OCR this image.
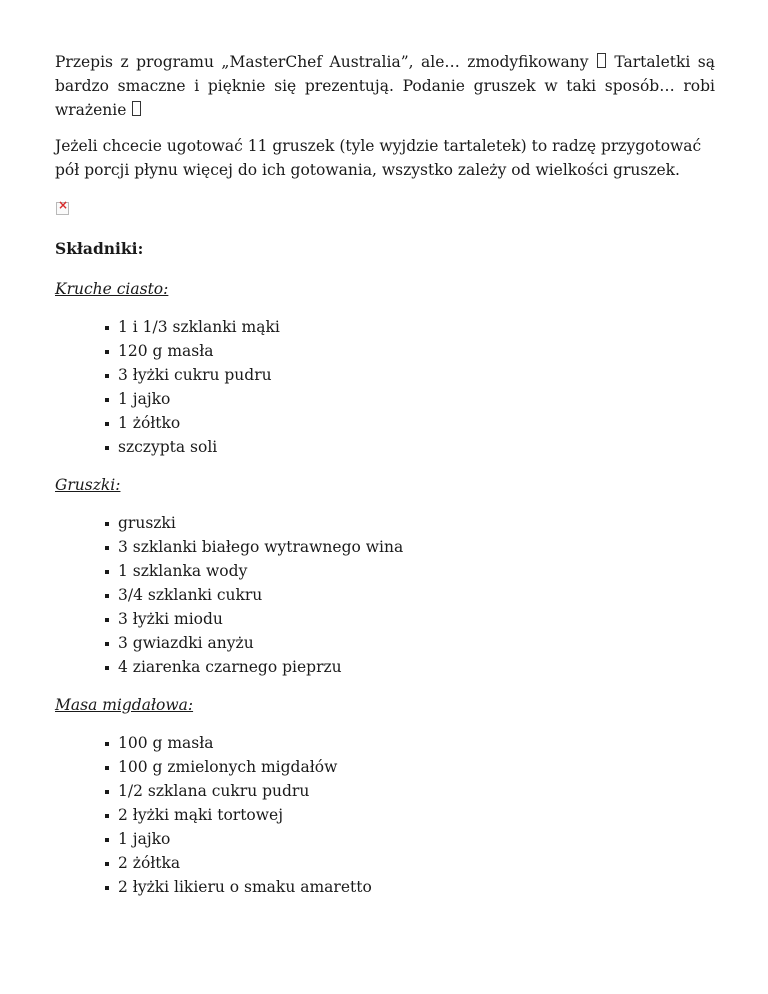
Przepis z programu „MasterChef Australia”, ale… zmodyfikowany  Tartaletki są bardzo smaczne i pięknie się prezentują. Podanie gruszek w taki sposób… robi wrażenie

Jeżeli chcecie ugotować 11 gruszek (tyle wyjdzie tartaletek) to radzę przygotować pół porcji płynu więcej do ich gotowania, wszystko zależy od wielkości gruszek.

×

Składniki:

Kruche ciasto:

1 i 1/3 szklanki mąki
120 g masła
3 łyżki cukru pudru
1 jajko
1 żółtko
szczypta soli

Gruszki:

gruszki
3 szklanki białego wytrawnego wina
1 szklanka wody
3/4 szklanki cukru
3 łyżki miodu
3 gwiazdki anyżu
4 ziarenka czarnego pieprzu

Masa migdałowa:

100 g masła
100 g zmielonych migdałów
1/2 szklana cukru pudru
2 łyżki mąki tortowej
1 jajko
2 żółtka
2 łyżki likieru o smaku amaretto
